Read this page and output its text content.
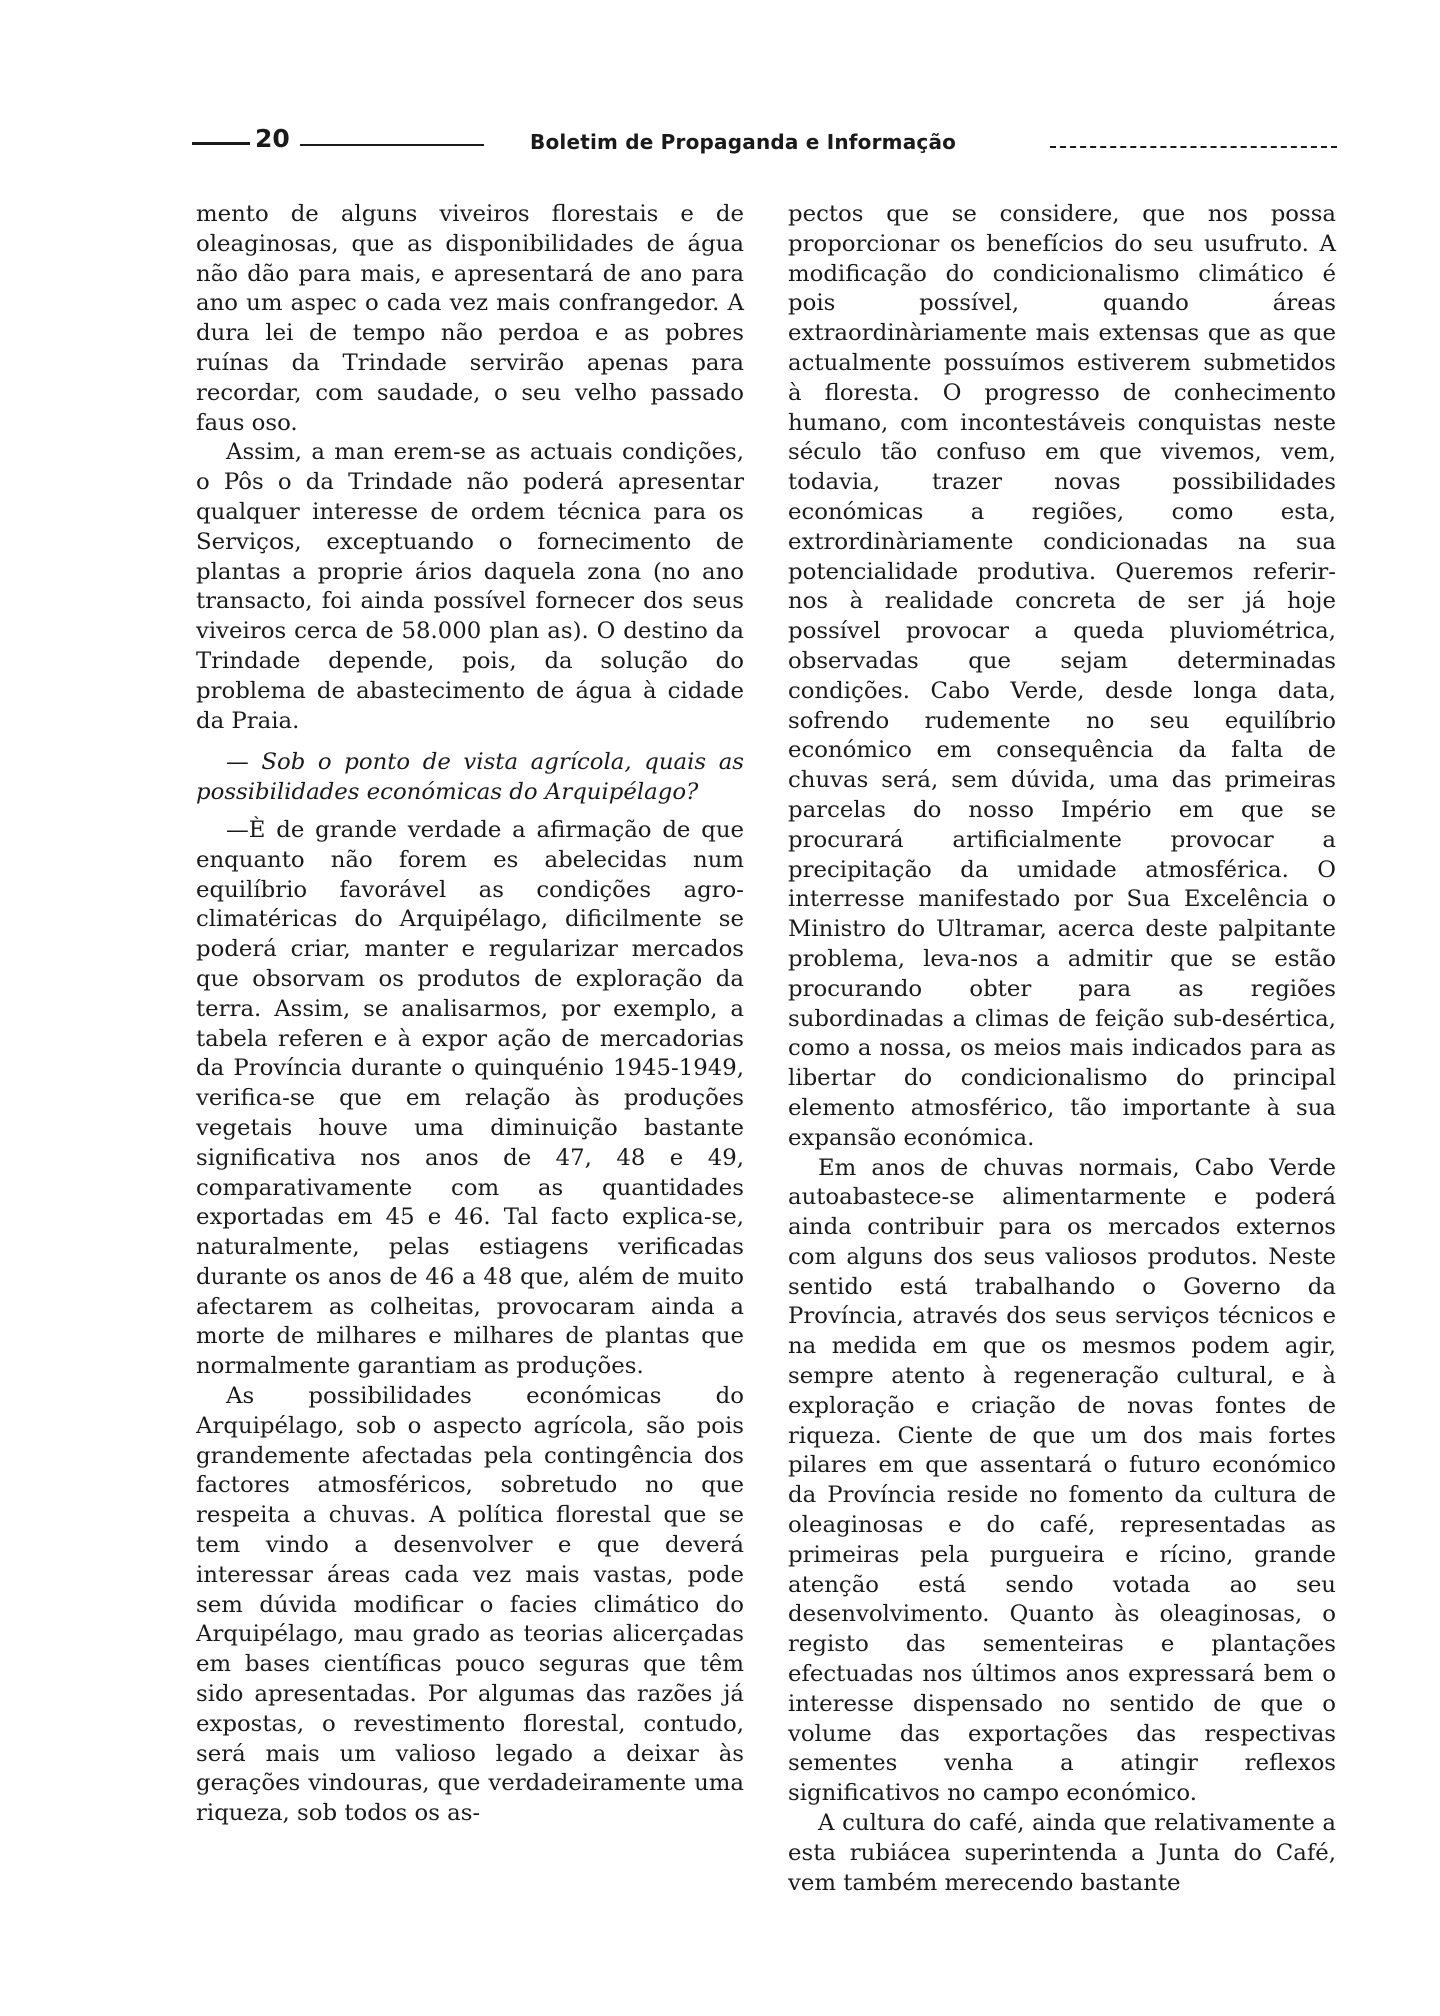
20	Boletim de Propaganda e Informação

mento de alguns viveiros florestais e de oleaginosas, que as disponibilidades de água não dão para mais, e apresentará de ano para ano um aspec o cada vez mais confrangedor. A dura lei de tempo não perdoa e as pobres ruínas da Trindade servirão apenas para recordar, com saudade, o seu velho passado faus oso.

Assim, a man erem-se as actuais condições, o Pôs o da Trindade não poderá apresentar qualquer interesse de ordem técnica para os Serviços, exceptuando o fornecimento de plantas a proprie ários daquela zona (no ano transacto, foi ainda possível fornecer dos seus viveiros cerca de 58.000 plan as). O destino da Trindade depende, pois, da solução do problema de abastecimento de água à cidade da Praia.

— Sob o ponto de vista agrícola, quais as possibilidades económicas do Arquipélago?

—È de grande verdade a afirmação de que enquanto não forem es abelecidas num equilíbrio favorável as condições agro-climatéricas do Arquipélago, dificilmente se poderá criar, manter e regularizar mercados que obsorvam os produtos de exploração da terra. Assim, se analisarmos, por exemplo, a tabela referen e à expor ação de mercadorias da Província durante o quinquénio 1945-1949, verifica-se que em relação às produções vegetais houve uma diminuição bastante significativa nos anos de 47, 48 e 49, comparativamente com as quantidades exportadas em 45 e 46. Tal facto explica-se, naturalmente, pelas estiagens verificadas durante os anos de 46 a 48 que, além de muito afectarem as colheitas, provocaram ainda a morte de milhares e milhares de plantas que normalmente garantiam as produções.

As possibilidades económicas do Arquipélago, sob o aspecto agrícola, são pois grandemente afectadas pela contingência dos factores atmosféricos, sobretudo no que respeita a chuvas. A política florestal que se tem vindo a desenvolver e que deverá interessar áreas cada vez mais vastas, pode sem dúvida modificar o facies climático do Arquipélago, mau grado as teorias alicerçadas em bases científicas pouco seguras que têm sido apresentadas. Por algumas das razões já expostas, o revestimento florestal, contudo, será mais um valioso legado a deixar às gerações vindouras, que verdadeiramente uma riqueza, sob todos os as-

pectos que se considere, que nos possa proporcionar os benefícios do seu usufruto. A modificação do condicionalismo climático é pois possível, quando áreas extraordinàriamente mais extensas que as que actualmente possuímos estiverem submetidos à floresta. O progresso de conhecimento humano, com incontestáveis conquistas neste século tão confuso em que vivemos, vem, todavia, trazer novas possibilidades económicas a regiões, como esta, extrordinàriamente condicionadas na sua potencialidade produtiva. Queremos referir-nos à realidade concreta de ser já hoje possível provocar a queda pluviométrica, observadas que sejam determinadas condições. Cabo Verde, desde longa data, sofrendo rudemente no seu equilíbrio económico em consequência da falta de chuvas será, sem dúvida, uma das primeiras parcelas do nosso Império em que se procurará artificialmente provocar a precipitação da umidade atmosférica. O interresse manifestado por Sua Excelência o Ministro do Ultramar, acerca deste palpitante problema, leva-nos a admitir que se estão procurando obter para as regiões subordinadas a climas de feição sub-desértica, como a nossa, os meios mais indicados para as libertar do condicionalismo do principal elemento atmosférico, tão importante à sua expansão económica.

Em anos de chuvas normais, Cabo Verde autoabastece-se alimentarmente e poderá ainda contribuir para os mercados externos com alguns dos seus valiosos produtos. Neste sentido está trabalhando o Governo da Província, através dos seus serviços técnicos e na medida em que os mesmos podem agir, sempre atento à regeneração cultural, e à exploração e criação de novas fontes de riqueza. Ciente de que um dos mais fortes pilares em que assentará o futuro económico da Província reside no fomento da cultura de oleaginosas e do café, representadas as primeiras pela purgueira e rícino, grande atenção está sendo votada ao seu desenvolvimento. Quanto às oleaginosas, o registo das sementeiras e plantações efectuadas nos últimos anos expressará bem o interesse dispensado no sentido de que o volume das exportações das respectivas sementes venha a atingir reflexos significativos no campo económico.

A cultura do café, ainda que relativamente a esta rubiácea superintenda a Junta do Café, vem também merecendo bastante
